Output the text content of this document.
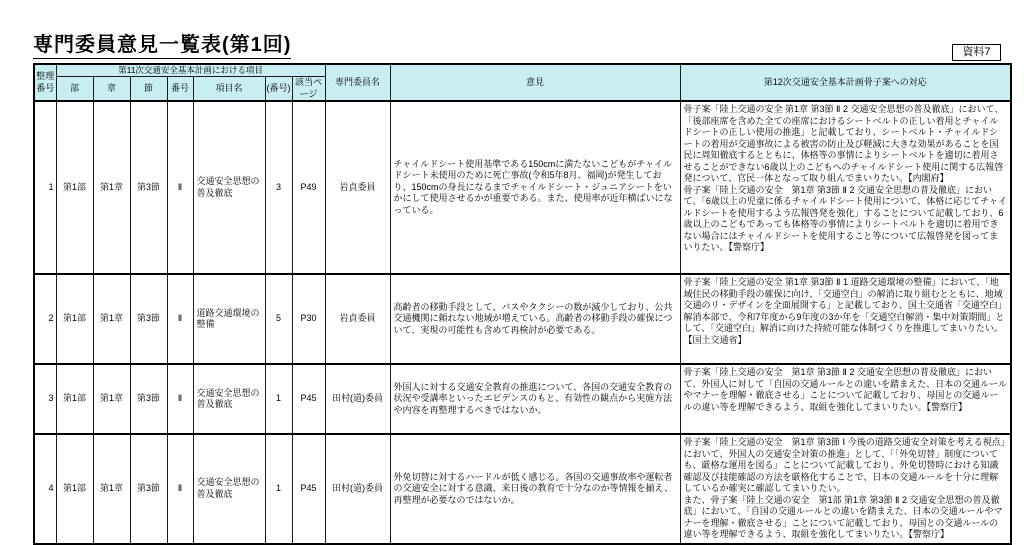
専門委員意見一覧表(第1回)	資料7
整理番号	第11次交通安全基本計画における項目							専門委員名	意見	第12次交通安全基本計画骨子案への対応
	部	章	節	番号	項目名	(番号)	該当ページ			
1	第1部	第1章	第3節	Ⅱ	交通安全思想の普及徹底	3	P49	岩貞委員	チャイルドシート使用基準である150cmに満たないこどもがチャイルドシート未使用のために死亡事故(令和5年8月、福岡)が発生しており、150cmの身長になるまでチャイルドシート・ジュニアシートをいかにして使用させるかが重要である。また、使用率が近年横ばいになっている。	骨子案「陸上交通の安全 第1章 第3節 Ⅱ 2 交通安全思想の普及徹底」において、「後部座席を含めた全ての座席におけるシートベルトの正しい着用とチャイルドシートの正しい使用の推進」と記載しており、シートベルト・チャイルドシートの着用が交通事故による被害の防止及び軽減に大きな効果があることを国民に周知徹底するとともに、体格等の事情によりシートベルトを適切に着用させることができない6歳以上のこどもへのチャイルドシート使用に関する広報啓発について、官民一体となって取り組んでまいりたい。【内閣府】
骨子案「陸上交通の安全　第1章 第3節 Ⅱ 2 交通安全思想の普及徹底」において、「6歳以上の児童に係るチャイルドシート使用について、体格に応じてチャイルドシートを使用するよう広報啓発を強化」することについて記載しており、6歳以上のこどもであっても体格等の事情によりシートベルトを適切に着用できない場合にはチャイルドシートを使用すること等について広報啓発を図ってまいりたい。【警察庁】

2	第1部	第1章	第3節	Ⅱ	道路交通環境の整備	5	P30	岩貞委員	高齢者の移動手段として、バスやタクシーの数が減少しており、公共交通機関に頼れない地域が増えている。高齢者の移動手段の確保について、実現の可能性も含めて再検討が必要である。	骨子案「陸上交通の安全 第1章 第3節 Ⅱ 1 道路交通環境の整備」において、「地域住民の移動手段の確保に向け、「交通空白」の解消に取り組むとともに、地域交通のリ・デザインを全面展開する」と記載しており、国土交通省「交通空白」解消本部で、令和7年度から9年度の3か年を「交通空白解消・集中対策期間」として、「交通空白」解消に向けた持続可能な体制づくりを推進してまいりたい。【国土交通省】

3	第1部	第1章	第3節	Ⅱ	交通安全思想の普及徹底	1	P45	田村(道)委員	外国人に対する交通安全教育の推進について、各国の交通安全教育の状況や受講率といったエビデンスのもと、有効性の観点から実施方法や内容を再整理するべきではないか。	骨子案「陸上交通の安全　第1章 第3節 Ⅱ 2 交通安全思想の普及徹底」において、外国人に対して「自国の交通ルールとの違いを踏まえた、日本の交通ルールやマナーを理解・徹底させる」ことについて記載しており、母国との交通ルールの違い等を理解できるよう、取組を強化してまいりたい。【警察庁】

4	第1部	第1章	第3節	Ⅱ	交通安全思想の普及徹底	1	P45	田村(道)委員	外免切替に対するハードルが低く感じる。各国の交通事故率や運転者の交通安全に対する意識、来日後の教育で十分なのか等情報を揃え、再整理が必要なのではないか。	骨子案「陸上交通の安全　第1章 第3節 Ⅰ 今後の道路交通安全対策を考える視点」において、外国人の交通安全対策の推進」として、「「外免切替」制度についても、厳格な運用を図る」ことについて記載しており、外免切替時における知識確認及び技能確認の方法を厳格化することで、日本の交通ルールを十分に理解しているか確実に確認してまいりたい。
また、骨子案「陸上交通の安全　第1部 第1章 第3節 Ⅱ 2 交通安全思想の普及徹底」において、「自国の交通ルールとの違いを踏まえた、日本の交通ルールやマナーを理解・徹底させる」ことについて記載しており、母国との交通ルールの違い等を理解できるよう、取組を強化してまいりたい。【警察庁】
